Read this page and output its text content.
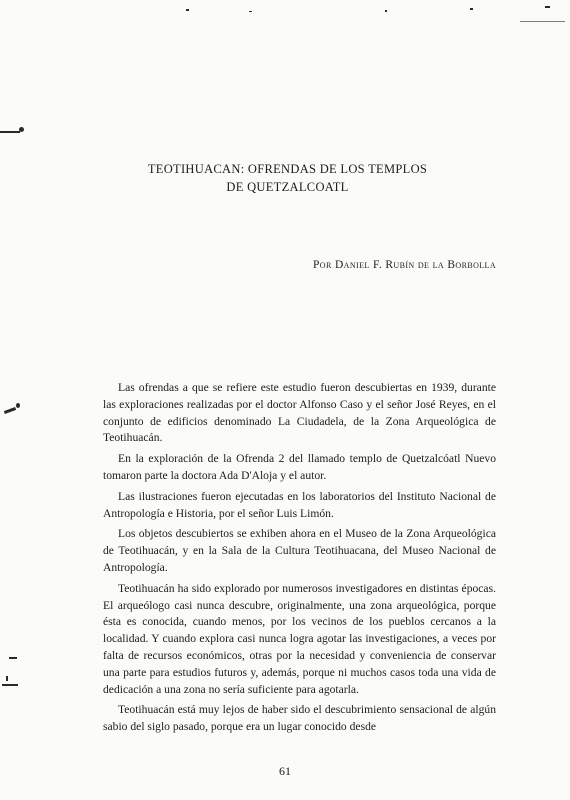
TEOTIHUACAN: OFRENDAS DE LOS TEMPLOS
DE QUETZALCOATL
Por Daniel F. Rubín de la Borbolla

Las ofrendas a que se refiere este estudio fueron descubiertas en 1939, durante las exploraciones realizadas por el doctor Alfonso Caso y el señor José Reyes, en el conjunto de edificios denominado La Ciudadela, de la Zona Arqueológica de Teotihuacán.

En la exploración de la Ofrenda 2 del llamado templo de Quetzalcóatl Nuevo tomaron parte la doctora Ada D'Aloja y el autor.

Las ilustraciones fueron ejecutadas en los laboratorios del Instituto Nacional de Antropología e Historia, por el señor Luis Limón.

Los objetos descubiertos se exhiben ahora en el Museo de la Zona Arqueológica de Teotihuacán, y en la Sala de la Cultura Teotihuacana, del Museo Nacional de Antropología.

Teotihuacán ha sido explorado por numerosos investigadores en distintas épocas. El arqueólogo casi nunca descubre, originalmente, una zona arqueológica, porque ésta es conocida, cuando menos, por los vecinos de los pueblos cercanos a la localidad. Y cuando explora casi nunca logra agotar las investigaciones, a veces por falta de recursos económicos, otras por la necesidad y conveniencia de conservar una parte para estudios futuros y, además, porque ni muchos casos toda una vida de dedicación a una zona no sería suficiente para agotarla.

Teotihuacán está muy lejos de haber sido el descubrimiento sensacional de algún sabio del siglo pasado, porque era un lugar conocido desde

61
